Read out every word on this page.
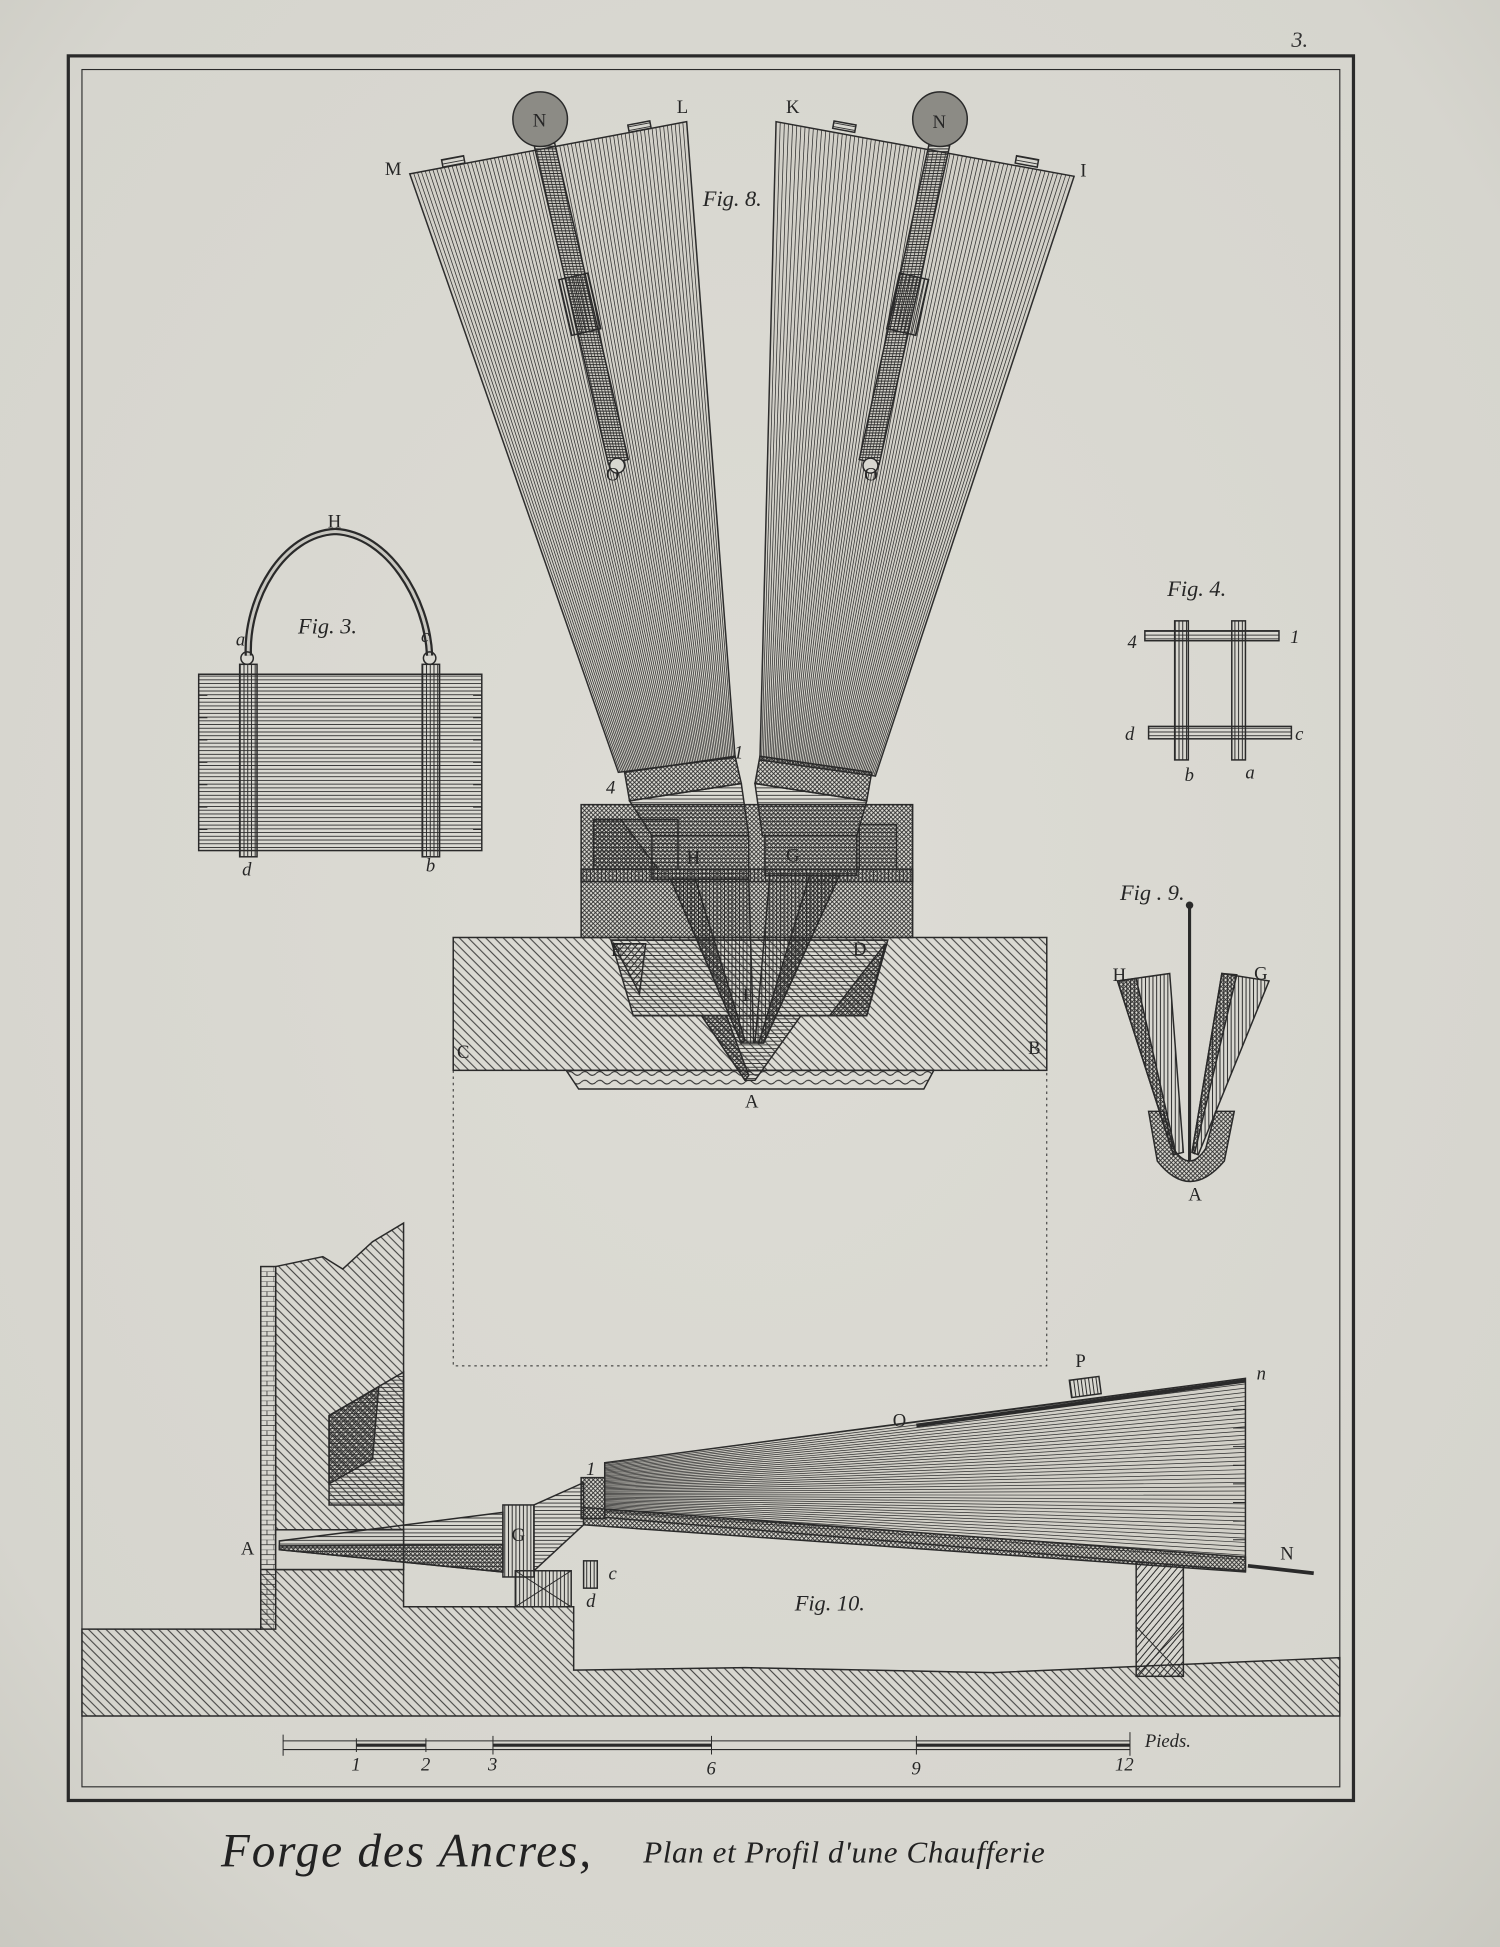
3.
Fig. 8.
M
N
L	K
N
I
O	O
4
1
H	G
E	D
F
C	B
A
Fig. 3.
H
a	c
d	b
Fig. 4.
4	1
d	c
b	a
Fig . 9.
H	G
A
Fig. 10.
P
n
O
1
A
G
c
d
N
1	2	3	6	9	12
Pieds.
Forge des Ancres, Plan et Profil d'une Chaufferie
